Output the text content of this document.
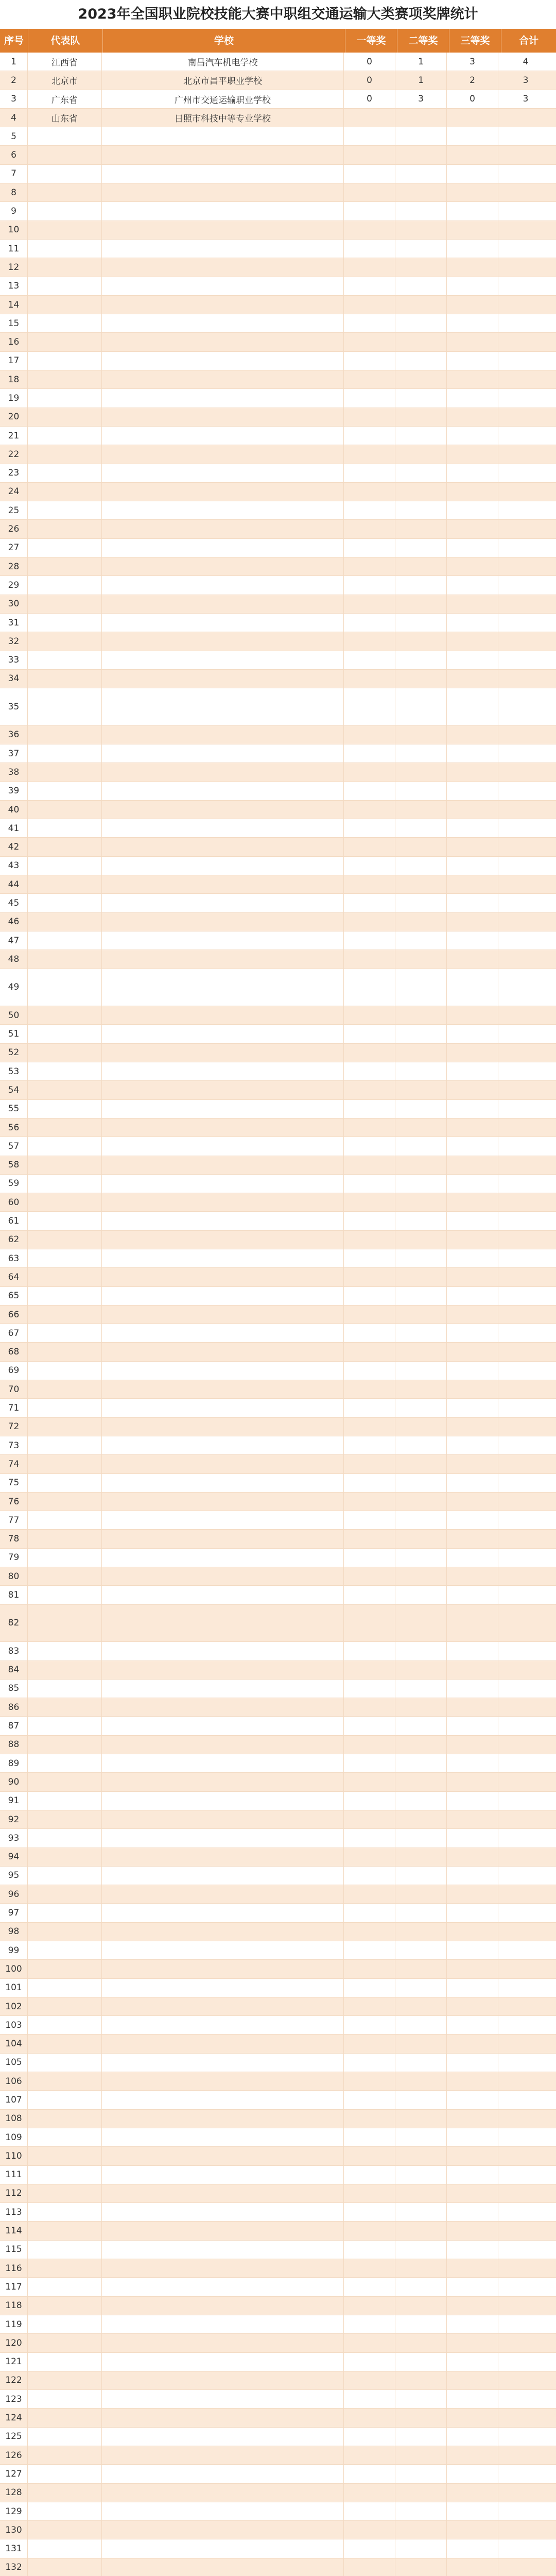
2023年全国职业院校技能大赛中职组交通运输大类赛项奖牌统计
序号	代表队	学校	一等奖	二等奖	三等奖	合计
1	江西省	南昌汽车机电学校	0	1	3	4
2	北京市	北京市昌平职业学校	0	1	2	3
3	广东省	广州市交通运输职业学校	0	3	0	3
4	山东省	日照市科技中等专业学校
5
6
7
8
9
10
11
12
13
14
15
16
17
18
19
20
21
22
23
24
25
26
27
28
29
30
31
32
33
34
35
36
37
38
39
40
41
42
43
44
45
46
47
48
49
50
51
52
53
54
55
56
57
58
59
60
61
62
63
64
65
66
67
68
69
70
71
72
73
74
75
76
77
78
79
80
81
82
83
84
85
86
87
88
89
90
91
92
93
94
95
96
97
98
99
100
101
102
103
104
105
106
107
108
109
110
111
112
113
114
115
116
117
118
119
120
121
122
123
124
125
126
127
128
129
130
131
132
